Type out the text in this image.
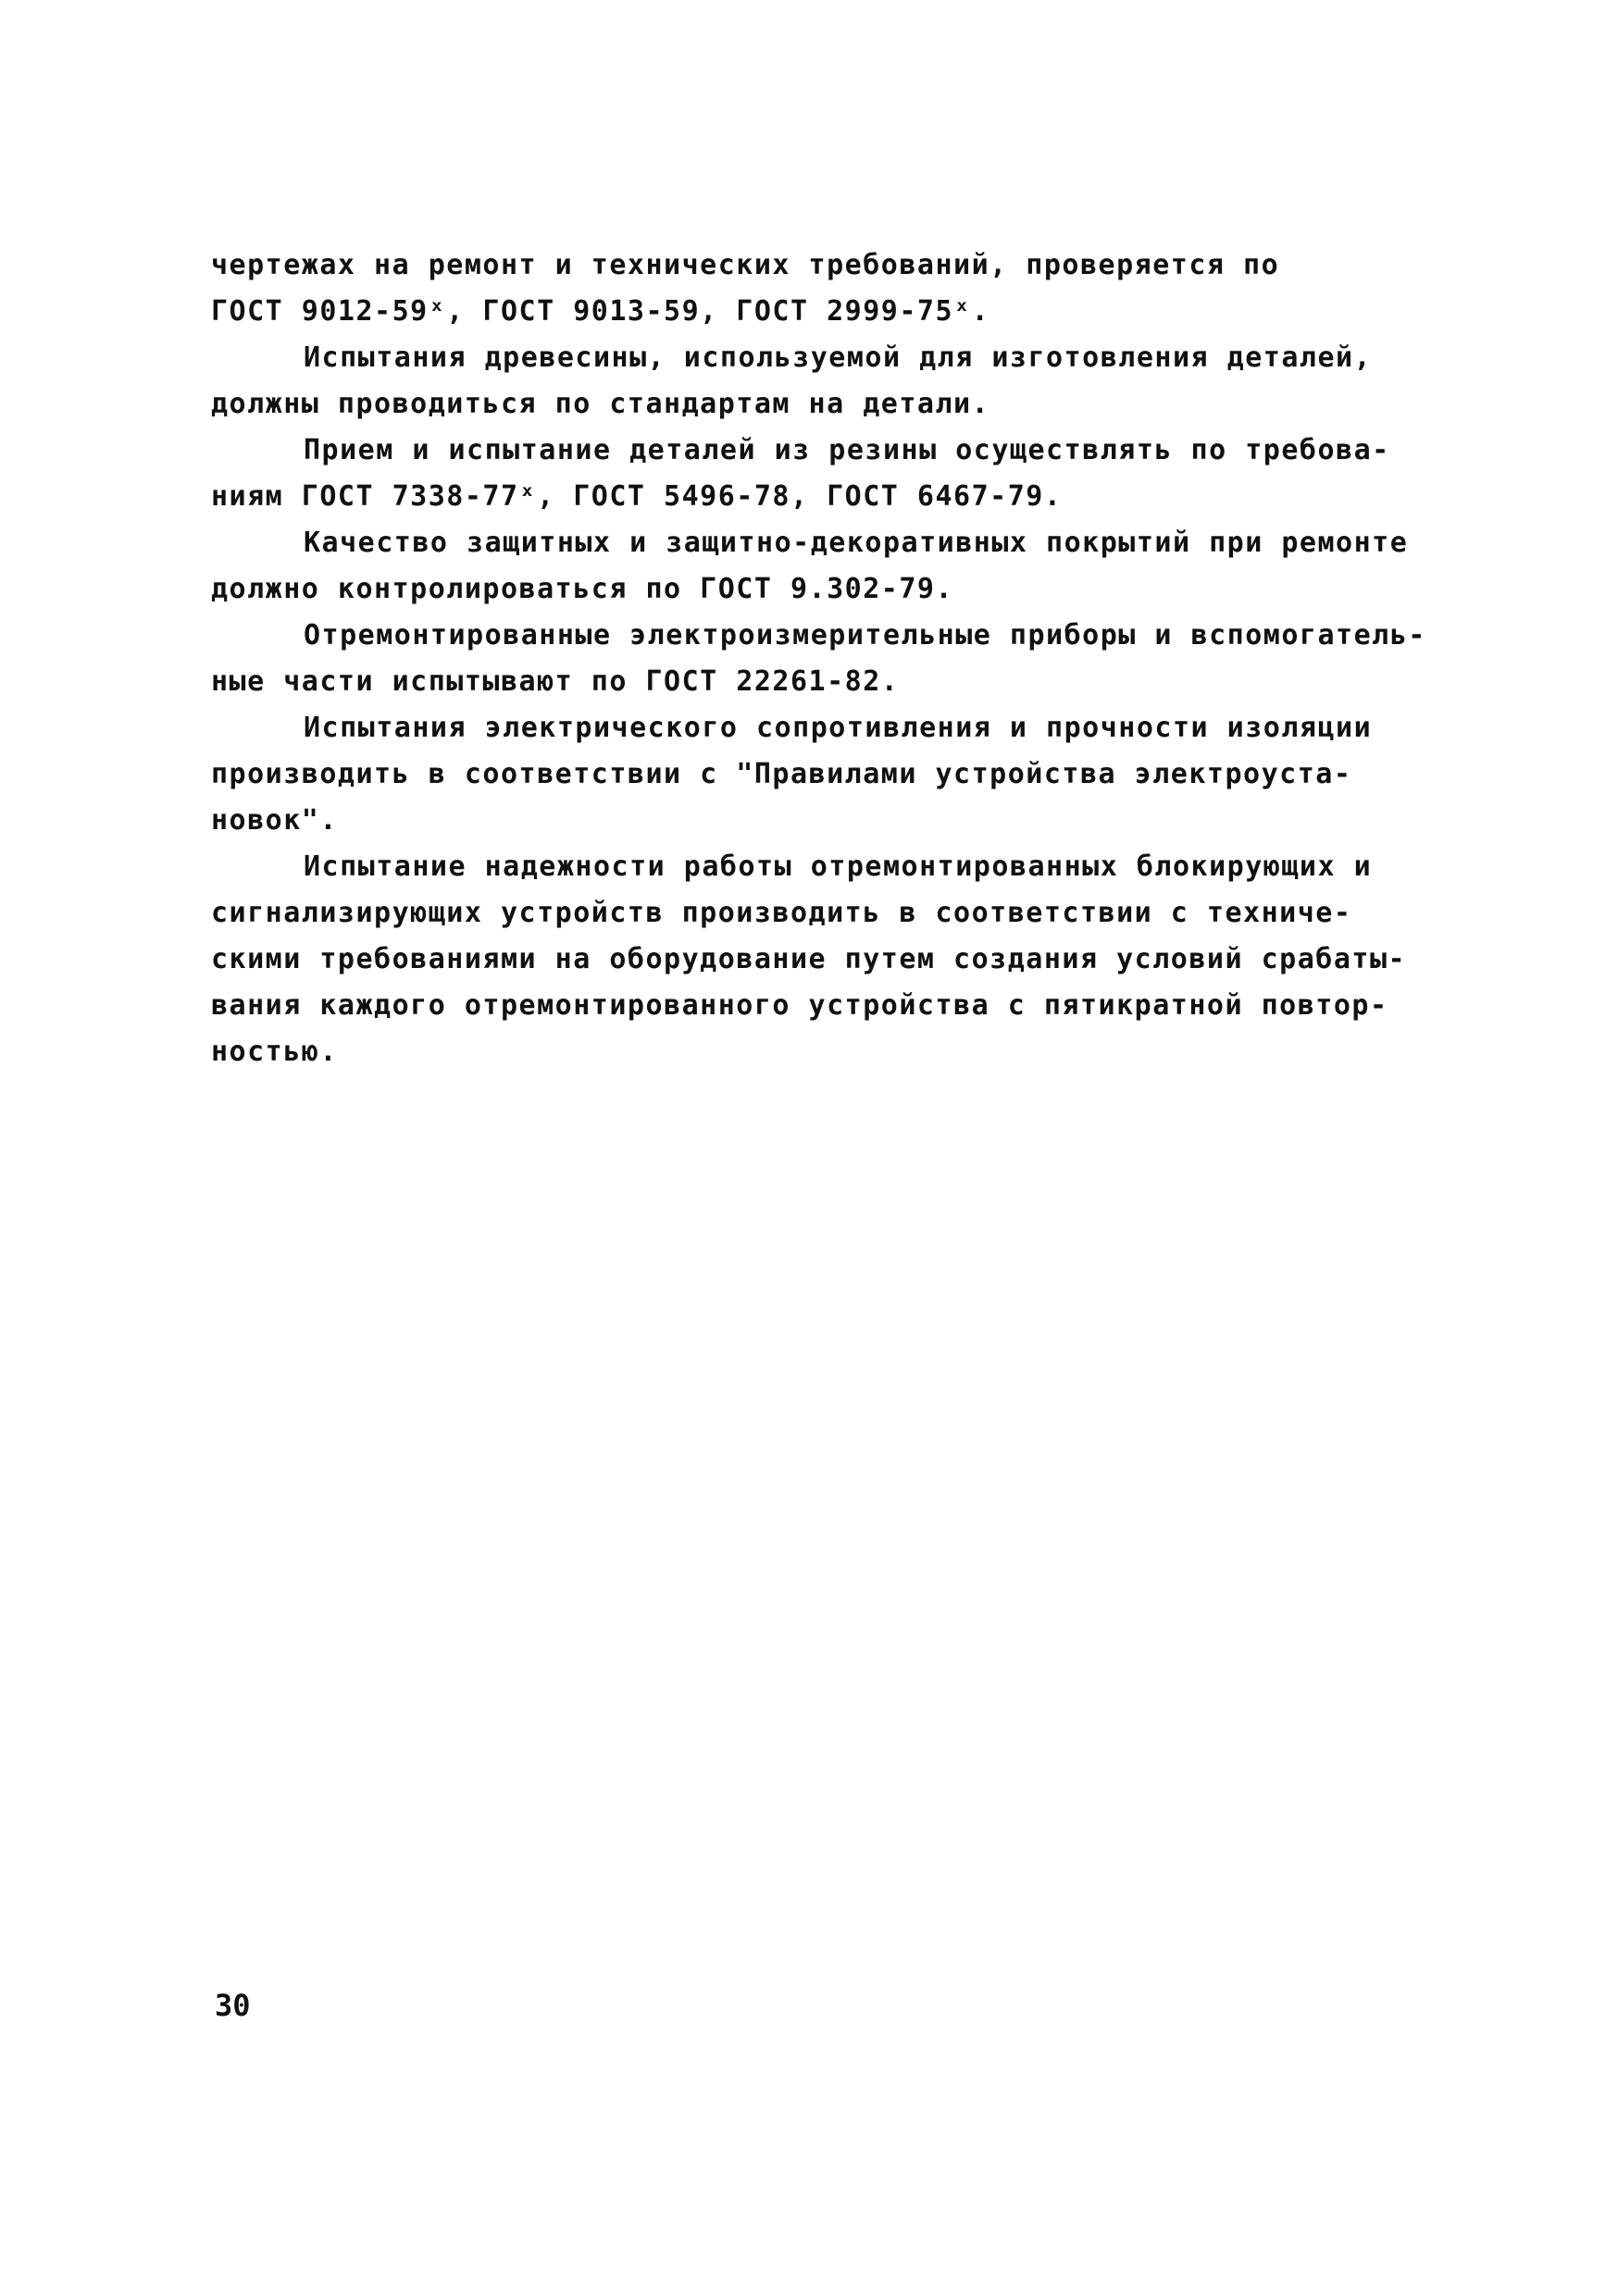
чертежах на ремонт и технических требований, проверяется по
ГОСТ 9012-59ˣ, ГОСТ 9013-59, ГОСТ 2999-75ˣ.
Испытания древесины, используемой для изготовления деталей,
должны проводиться по стандартам на детали.
Прием и испытание деталей из резины осуществлять по требова-
ниям ГОСТ 7338-77ˣ, ГОСТ 5496-78, ГОСТ 6467-79.
Качество защитных и защитно-декоративных покрытий при ремонте
должно контролироваться по ГОСТ 9.302-79.
Отремонтированные электроизмерительные приборы и вспомогатель-
ные части испытывают по ГОСТ 22261-82.
Испытания электрического сопротивления и прочности изоляции
производить в соответствии с "Правилами устройства электроуста-
новок".
Испытание надежности работы отремонтированных блокирующих и
сигнализирующих устройств производить в соответствии с техниче-
скими требованиями на оборудование путем создания условий срабаты-
вания каждого отремонтированного устройства с пятикратной повтор-
ностью.
30
